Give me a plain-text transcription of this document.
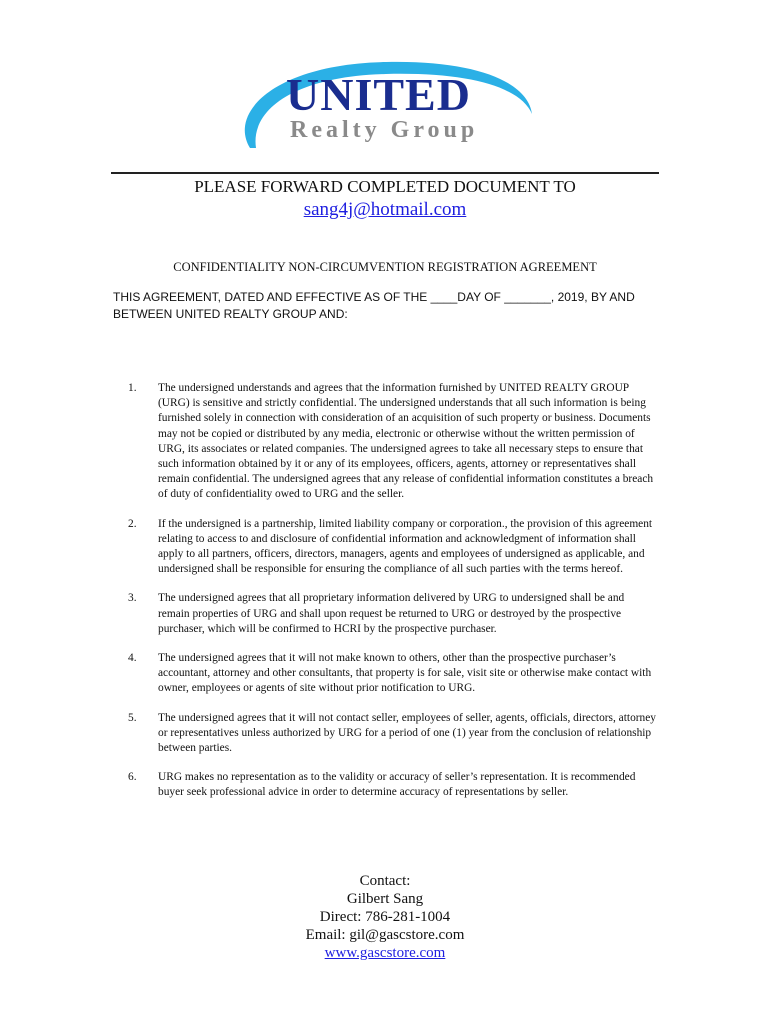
UNITED
Realty Group
PLEASE FORWARD COMPLETED DOCUMENT TO
sang4j@hotmail.com
CONFIDENTIALITY NON-CIRCUMVENTION REGISTRATION AGREEMENT
THIS AGREEMENT, DATED AND EFFECTIVE AS OF THE ____DAY OF _______, 2019, BY AND BETWEEN UNITED REALTY GROUP AND:
1. The undersigned understands and agrees that the information furnished by UNITED REALTY GROUP (URG) is sensitive and strictly confidential. The undersigned understands that all such information is being furnished solely in connection with consideration of an acquisition of such property or business. Documents may not be copied or distributed by any media, electronic or otherwise without the written permission of URG, its associates or related companies. The undersigned agrees to take all necessary steps to ensure that such information obtained by it or any of its employees, officers, agents, attorney or representatives shall remain confidential. The undersigned agrees that any release of confidential information constitutes a breach of duty of confidentiality owed to URG and the seller.
2. If the undersigned is a partnership, limited liability company or corporation., the provision of this agreement relating to access to and disclosure of confidential information and acknowledgment of information shall apply to all partners, officers, directors, managers, agents and employees of undersigned as applicable, and undersigned shall be responsible for ensuring the compliance of all such parties with the terms hereof.
3. The undersigned agrees that all proprietary information delivered by URG to undersigned shall be and remain properties of URG and shall upon request be returned to URG or destroyed by the prospective purchaser, which will be confirmed to HCRI by the prospective purchaser.
4. The undersigned agrees that it will not make known to others, other than the prospective purchaser’s accountant, attorney and other consultants, that property is for sale, visit site or otherwise make contact with owner, employees or agents of site without prior notification to URG.
5. The undersigned agrees that it will not contact seller, employees of seller, agents, officials, directors, attorney or representatives unless authorized by URG for a period of one (1) year from the conclusion of relationship between parties.
6. URG makes no representation as to the validity or accuracy of seller’s representation. It is recommended buyer seek professional advice in order to determine accuracy of representations by seller.
Contact:
Gilbert Sang
Direct: 786-281-1004
Email: gil@gascstore.com
www.gascstore.com
